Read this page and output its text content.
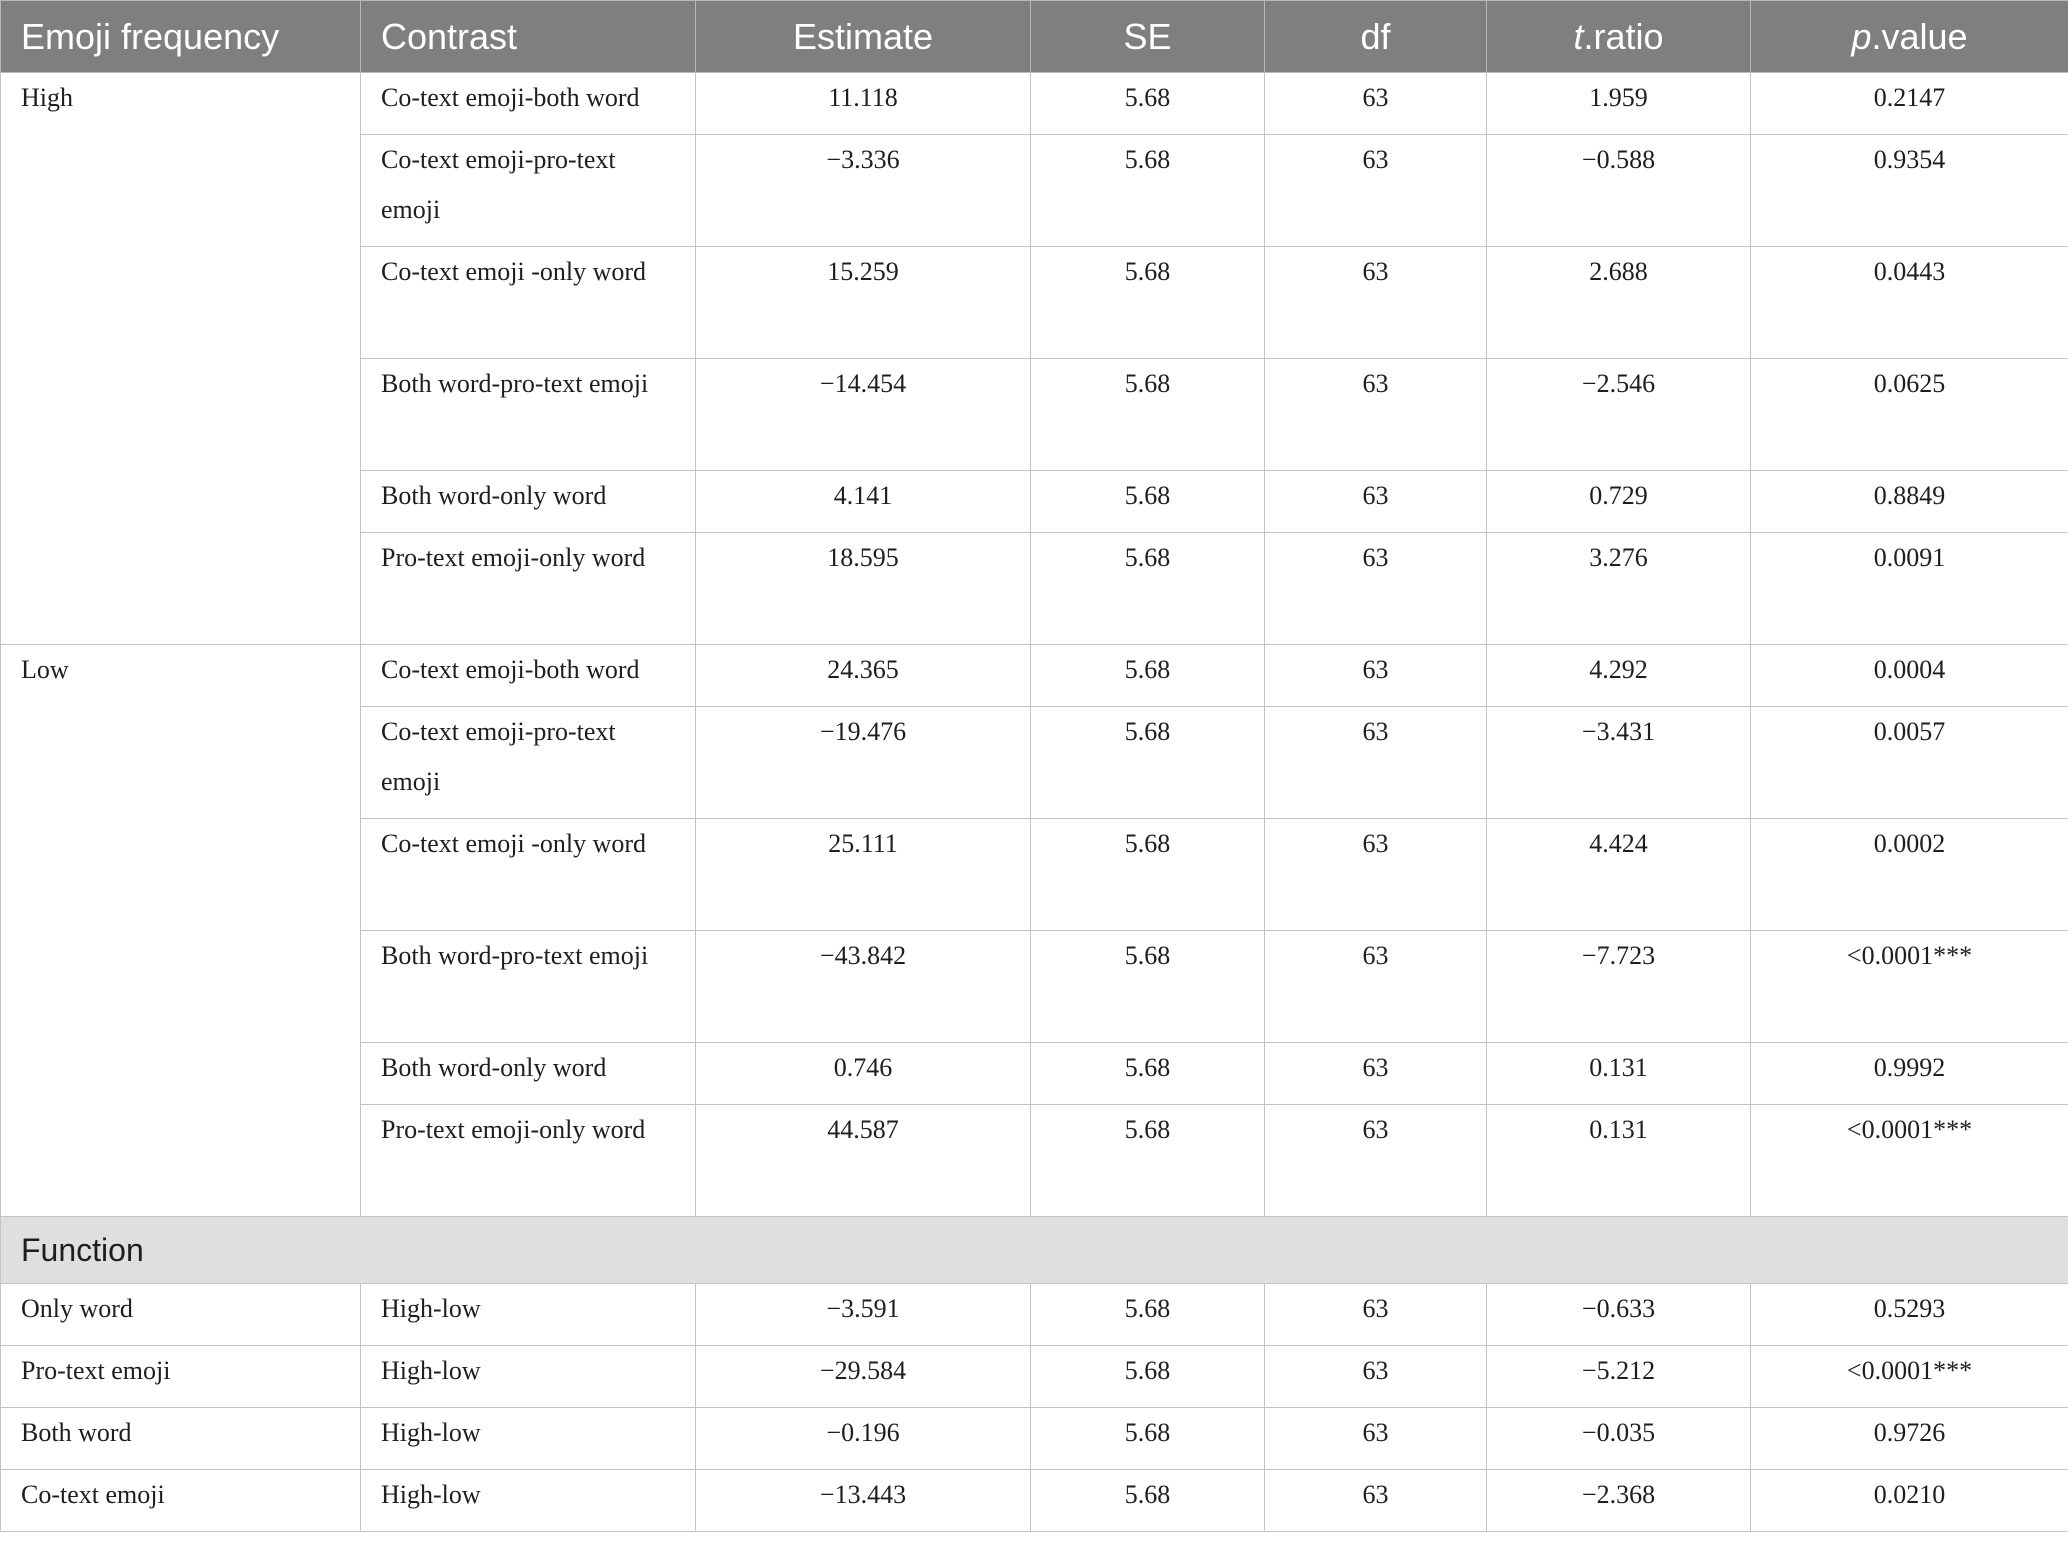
Emoji frequency	Contrast	Estimate	SE	df	t.ratio	p.value

High	Co-text emoji-both word	11.118	5.68	63	1.959	0.2147

	Co-text emoji-pro-text emoji	−3.336	5.68	63	−0.588	0.9354

	Co-text emoji -only word	15.259	5.68	63	2.688	0.0443

	Both word-pro-text emoji	−14.454	5.68	63	−2.546	0.0625

	Both word-only word	4.141	5.68	63	0.729	0.8849

	Pro-text emoji-only word	18.595	5.68	63	3.276	0.0091

Low	Co-text emoji-both word	24.365	5.68	63	4.292	0.0004

	Co-text emoji-pro-text emoji	−19.476	5.68	63	−3.431	0.0057

	Co-text emoji -only word	25.111	5.68	63	4.424	0.0002

	Both word-pro-text emoji	−43.842	5.68	63	−7.723	<0.0001***

	Both word-only word	0.746	5.68	63	0.131	0.9992

	Pro-text emoji-only word	44.587	5.68	63	0.131	<0.0001***

Function						

Only word	High-low	−3.591	5.68	63	−0.633	0.5293

Pro-text emoji	High-low	−29.584	5.68	63	−5.212	<0.0001***

Both word	High-low	−0.196	5.68	63	−0.035	0.9726

Co-text emoji	High-low	−13.443	5.68	63	−2.368	0.0210
